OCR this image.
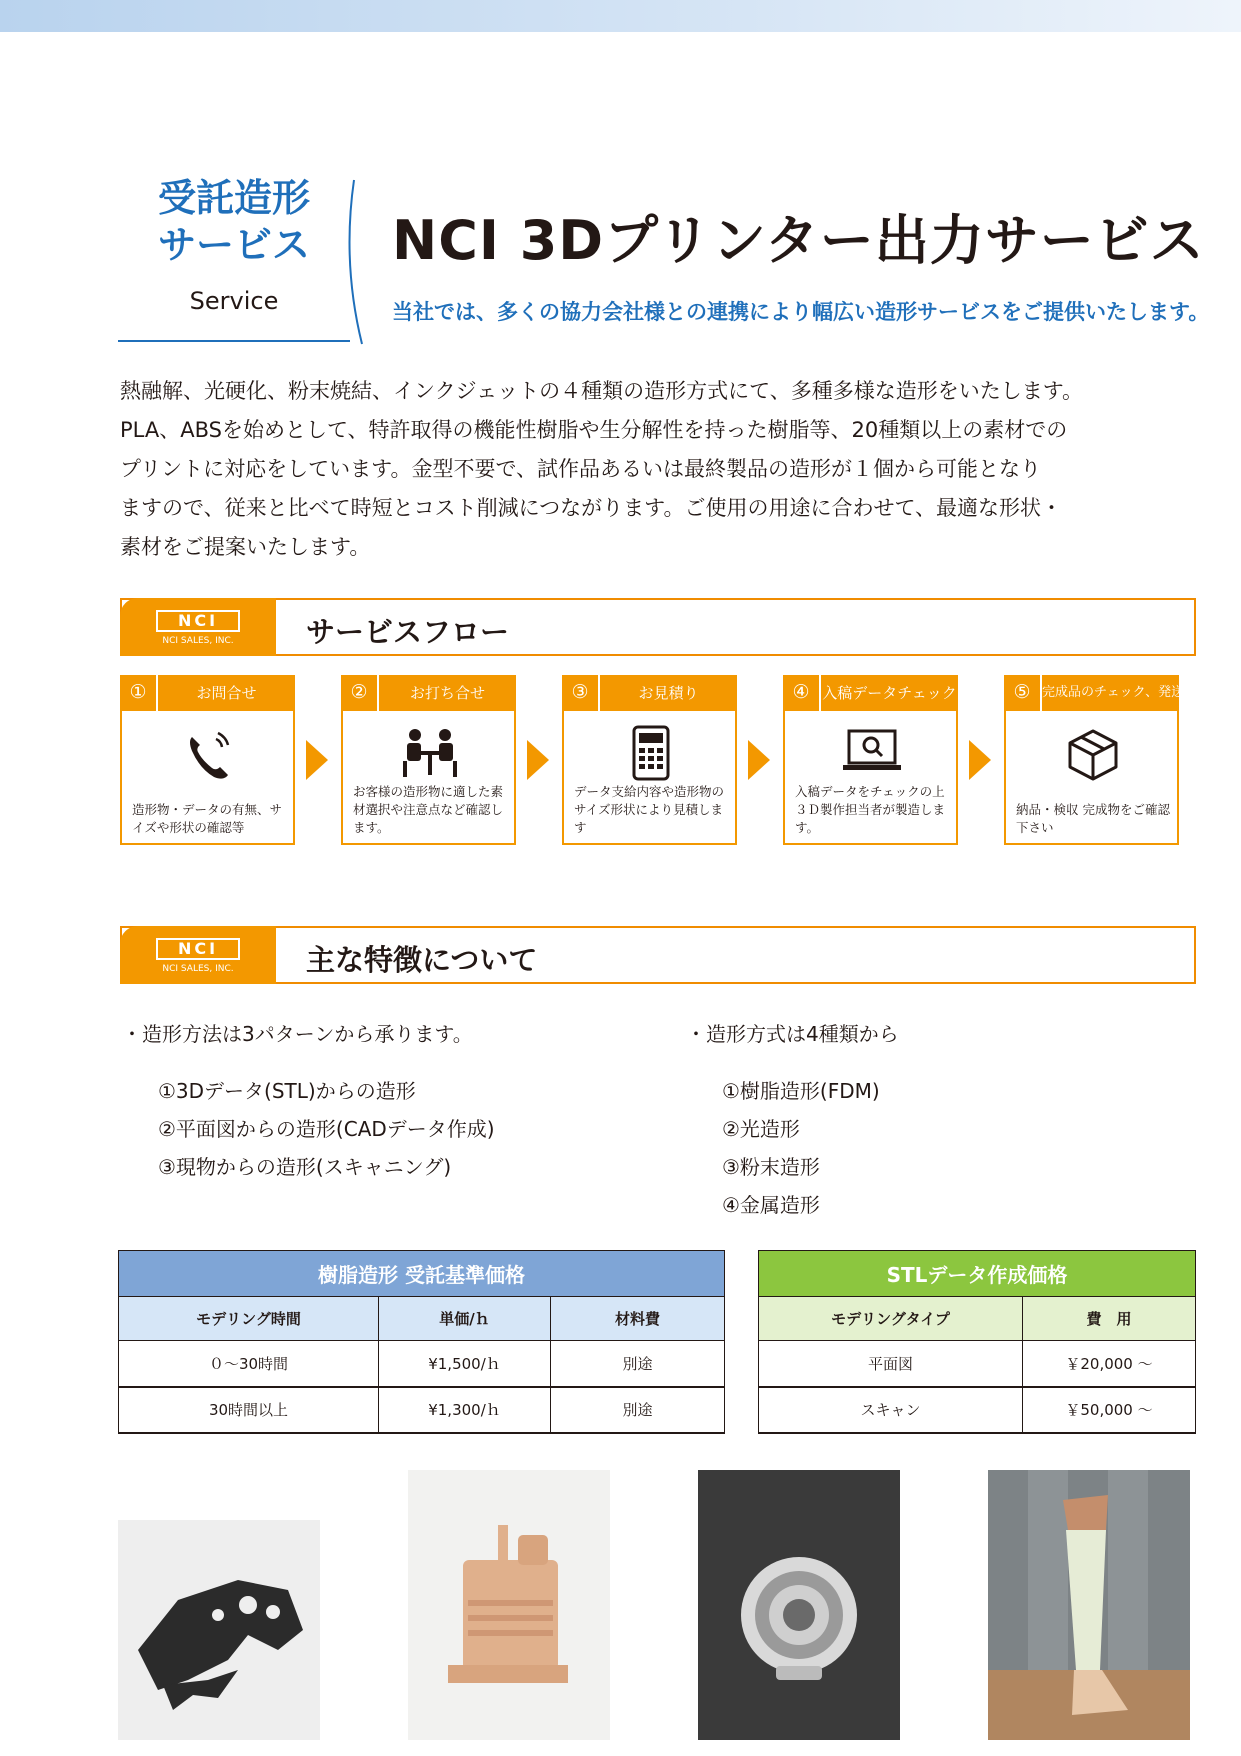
受託造形
サービス
Service
NCI 3Dプリンター出力サービス
当社では、多くの協力会社様との連携により幅広い造形サービスをご提供いたします。

熱融解、光硬化、粉末焼結、インクジェットの４種類の造形方式にて、多種多様な造形をいたします。

PLA、ABSを始めとして、特許取得の機能性樹脂や生分解性を持った樹脂等、20種類以上の素材での

プリントに対応をしています。金型不要で、試作品あるいは最終製品の造形が１個から可能となり

ますので、従来と比べて時短とコスト削減につながります。ご使用の用途に合わせて、最適な形状・

素材をご提案いたします。

NCI
NCI SALES, INC.	サービスフロー
①	お問合せ
造形物・データの有無、サイズや形状の確認等
②	お打ち合せ
お客様の造形物に適した素材選択や注意点など確認します。
③	お見積り
データ支給内容や造形物のサイズ形状により見積します
④ 入稿データチェック
入稿データをチェックの上３Ｄ製作担当者が製造します。
⑤ 完成品のチェック、発送
納品・検収 完成物をご確認下さい
NCI
NCI SALES, INC.	主な特徴について
・造形方法は3パターンから承ります。
①3Dデータ(STL)からの造形
②平面図からの造形(CADデータ作成)
③現物からの造形(スキャニング)
・造形方式は4種類から
①樹脂造形(FDM)
②光造形
③粉末造形
④金属造形
樹脂造形 受託基準価格		
モデリング時間	単価/ｈ	材料費
０〜30時間	¥1,500/ｈ	別途
30時間以上	¥1,300/ｈ	別途
STLデータ作成価格	
モデリングタイプ	費　用
平面図	￥20,000 〜
スキャン	￥50,000 〜
